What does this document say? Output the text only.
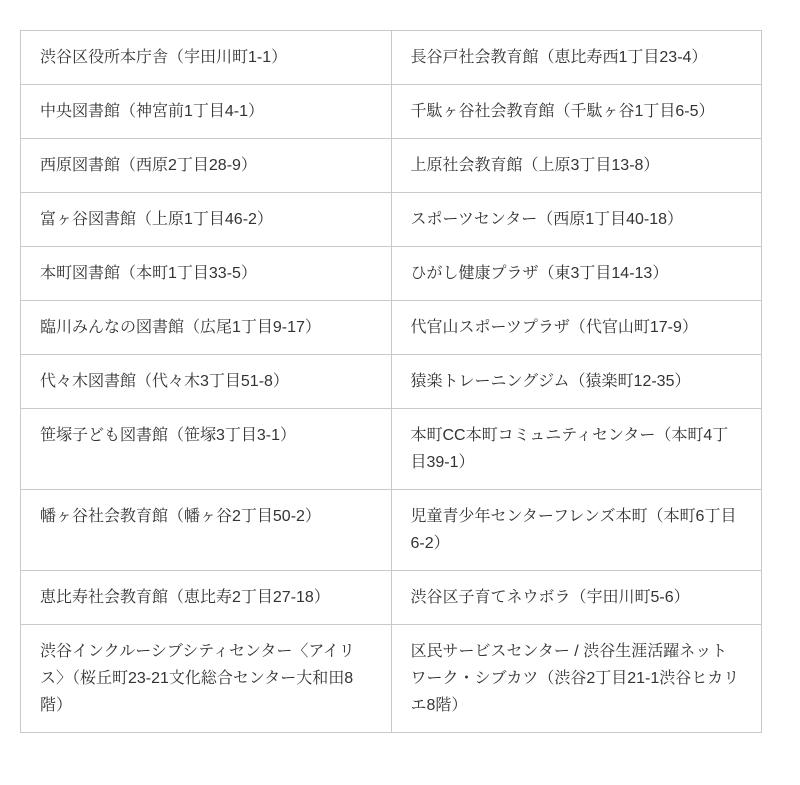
渋谷区役所本庁舎（宇田川町1-1）	長谷戸社会教育館（恵比寿西1丁目23-4）
中央図書館（神宮前1丁目4-1）	千駄ヶ谷社会教育館（千駄ヶ谷1丁目6-5）
西原図書館（西原2丁目28-9）	上原社会教育館（上原3丁目13-8）
富ヶ谷図書館（上原1丁目46-2）	スポーツセンター（西原1丁目40-18）
本町図書館（本町1丁目33-5）	ひがし健康プラザ（東3丁目14-13）
臨川みんなの図書館（広尾1丁目9-17）	代官山スポーツプラザ（代官山町17-9）
代々木図書館（代々木3丁目51-8）	猿楽トレーニングジム（猿楽町12-35）
笹塚子ども図書館（笹塚3丁目3-1）	本町CC本町コミュニティセンター（本町4丁目39-1）
幡ヶ谷社会教育館（幡ヶ谷2丁目50-2）	児童青少年センターフレンズ本町（本町6丁目6-2）
恵比寿社会教育館（恵比寿2丁目27-18）	渋谷区子育てネウボラ（宇田川町5-6）
渋谷インクルーシブシティセンター〈アイリス〉（桜丘町23-21文化総合センター大和田8階）	区民サービスセンター / 渋谷生涯活躍ネットワーク・シブカツ（渋谷2丁目21-1渋谷ヒカリエ8階）
